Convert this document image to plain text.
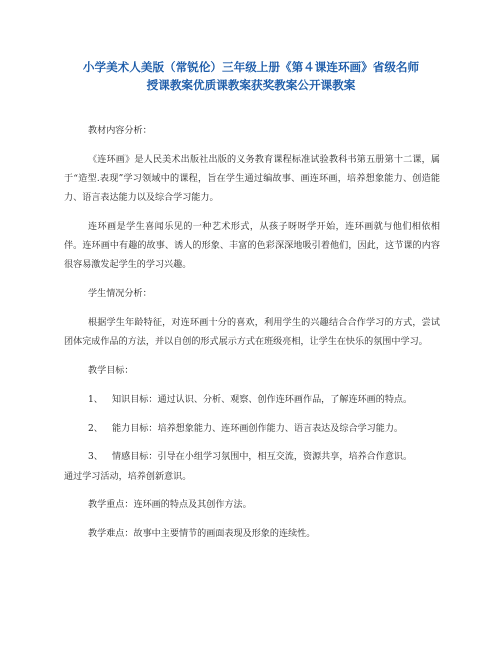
小学美术人美版（常锐伦）三年级上册《第４课连环画》省级名师
授课教案优质课教案获奖教案公开课教案

教材内容分析：

《连环画》是人民美术出版社出版的义务教育课程标准试验教科书第五册第十二课，属于“造型.表现”学习领域中的课程，旨在学生通过编故事、画连环画，培养想象能力、创造能力、语言表达能力以及综合学习能力。

连环画是学生喜闻乐见的一种艺术形式，从孩子呀呀学开始，连环画就与他们相依相伴。连环画中有趣的故事、诱人的形象、丰富的色彩深深地吸引着他们，因此，这节课的内容很容易激发起学生的学习兴趣。

学生情况分析：

根据学生年龄特征，对连环画十分的喜欢，利用学生的兴趣结合合作学习的方式，尝试团体完成作品的方法，并以自创的形式展示方式在班级亮相，让学生在快乐的氛围中学习。

教学目标：

1、 知识目标：通过认识、分析、观察、创作连环画作品，了解连环画的特点。
2、 能力目标：培养想象能力、连环画创作能力、语言表达及综合学习能力。
3、 情感目标：引导在小组学习氛围中，相互交流，资源共享，培养合作意识。

通过学习活动，培养创新意识。

教学重点：连环画的特点及其创作方法。

教学难点：故事中主要情节的画面表现及形象的连续性。
